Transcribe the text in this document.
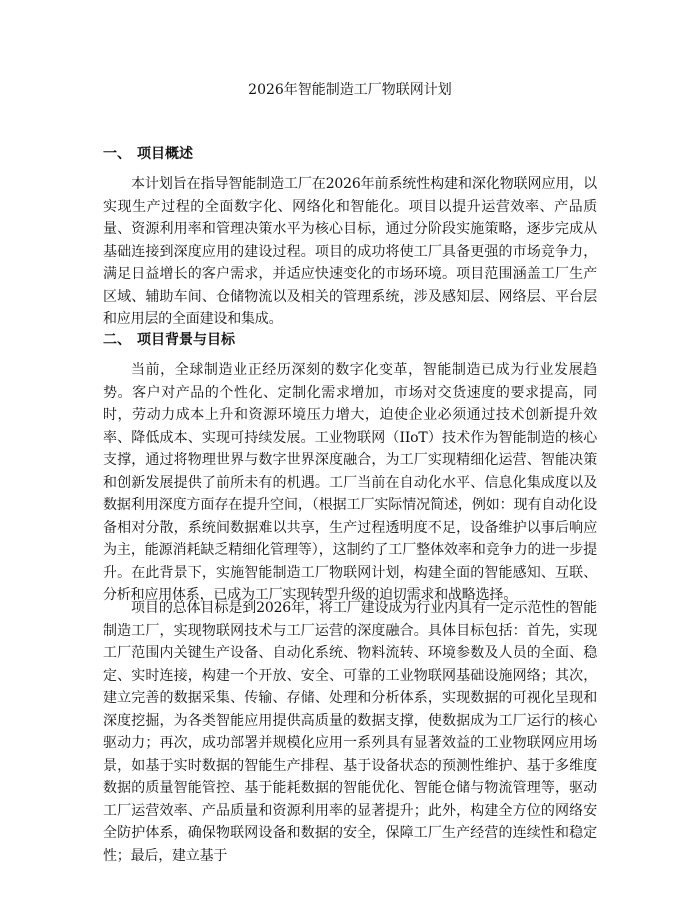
2026年智能制造工厂物联网计划
一、 项目概述

本计划旨在指导智能制造工厂在2026年前系统性构建和深化物联网应用，以实现生产过程的全面数字化、网络化和智能化。项目以提升运营效率、产品质量、资源利用率和管理决策水平为核心目标，通过分阶段实施策略，逐步完成从基础连接到深度应用的建设过程。项目的成功将使工厂具备更强的市场竞争力，满足日益增长的客户需求，并适应快速变化的市场环境。项目范围涵盖工厂生产区域、辅助车间、仓储物流以及相关的管理系统，涉及感知层、网络层、平台层和应用层的全面建设和集成。

二、 项目背景与目标

当前，全球制造业正经历深刻的数字化变革，智能制造已成为行业发展趋势。客户对产品的个性化、定制化需求增加，市场对交货速度的要求提高，同时，劳动力成本上升和资源环境压力增大，迫使企业必须通过技术创新提升效率、降低成本、实现可持续发展。工业物联网（IIoT）技术作为智能制造的核心支撑，通过将物理世界与数字世界深度融合，为工厂实现精细化运营、智能决策和创新发展提供了前所未有的机遇。工厂当前在自动化水平、信息化集成度以及数据利用深度方面存在提升空间，（根据工厂实际情况简述，例如：现有自动化设备相对分散，系统间数据难以共享，生产过程透明度不足，设备维护以事后响应为主，能源消耗缺乏精细化管理等），这制约了工厂整体效率和竞争力的进一步提升。在此背景下，实施智能制造工厂物联网计划，构建全面的智能感知、互联、分析和应用体系，已成为工厂实现转型升级的迫切需求和战略选择。

项目的总体目标是到2026年，将工厂建设成为行业内具有一定示范性的智能制造工厂，实现物联网技术与工厂运营的深度融合。具体目标包括：首先，实现工厂范围内关键生产设备、自动化系统、物料流转、环境参数及人员的全面、稳定、实时连接，构建一个开放、安全、可靠的工业物联网基础设施网络；其次，建立完善的数据采集、传输、存储、处理和分析体系，实现数据的可视化呈现和深度挖掘，为各类智能应用提供高质量的数据支撑，使数据成为工厂运行的核心驱动力；再次，成功部署并规模化应用一系列具有显著效益的工业物联网应用场景，如基于实时数据的智能生产排程、基于设备状态的预测性维护、基于多维度数据的质量智能管控、基于能耗数据的智能优化、智能仓储与物流管理等，驱动工厂运营效率、产品质量和资源利用率的显著提升；此外，构建全方位的网络安全防护体系，确保物联网设备和数据的安全，保障工厂生产经营的连续性和稳定性；最后，建立基于
